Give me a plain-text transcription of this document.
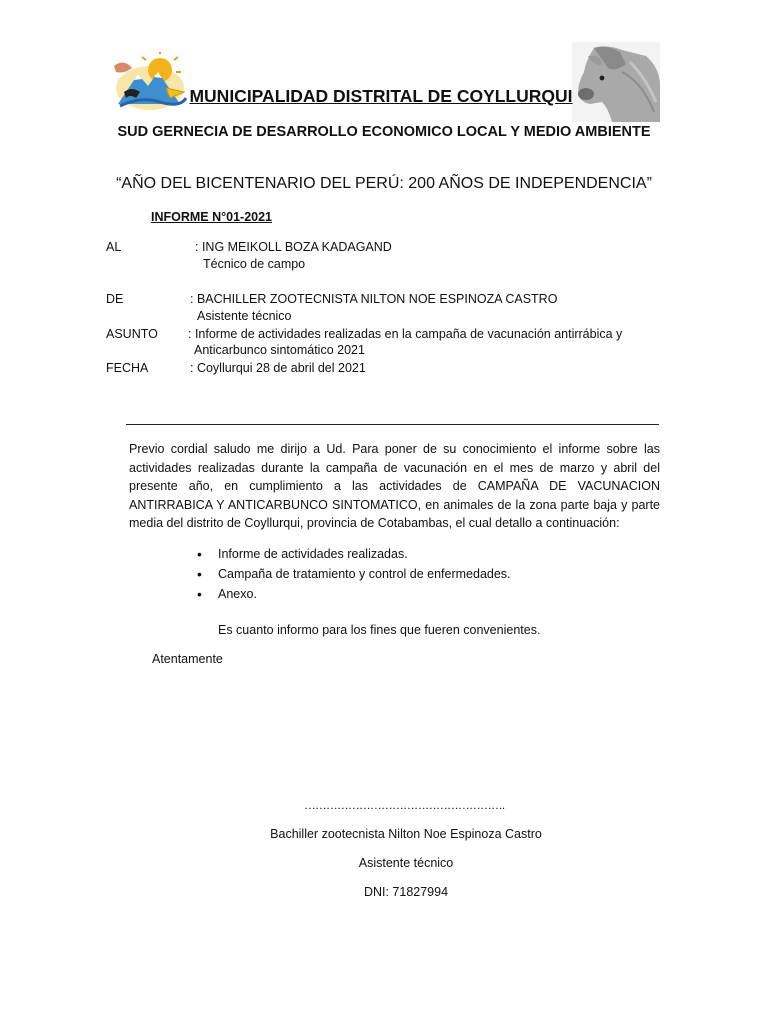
MUNICIPALIDAD DISTRITAL DE COYLLURQUI
SUD GERNECIA DE DESARROLLO ECONOMICO LOCAL Y MEDIO AMBIENTE
“AÑO DEL BICENTENARIO DEL PERÚ: 200 AÑOS DE INDEPENDENCIA”
INFORME N°01-2021
AL	: ING MEIKOLL BOZA KADAGAND
Técnico de campo
DE	: BACHILLER ZOOTECNISTA NILTON NOE ESPINOZA CASTRO
Asistente técnico
ASUNTO : Informe de actividades realizadas en la campaña de vacunación antirrábica y
Anticarbunco sintomático 2021
FECHA	: Coyllurqui 28 de abril del 2021
Previo cordial saludo me dirijo a Ud. Para poner de su conocimiento el informe sobre las actividades realizadas durante la campaña de vacunación en el mes de marzo y abril del presente año, en cumplimiento a las actividades de CAMPAÑA DE VACUNACION ANTIRRABICA Y ANTICARBUNCO SINTOMATICO, en animales de la zona parte baja y parte media del distrito de Coyllurqui, provincia de Cotabambas, el cual detallo a continuación:
• Informe de actividades realizadas.
• Campaña de tratamiento y control de enfermedades.
• Anexo.
Es cuanto informo para los fines que fueren convenientes.
Atentamente
……………………………………………….
Bachiller zootecnista Nilton Noe Espinoza Castro
Asistente técnico
DNI: 71827994
